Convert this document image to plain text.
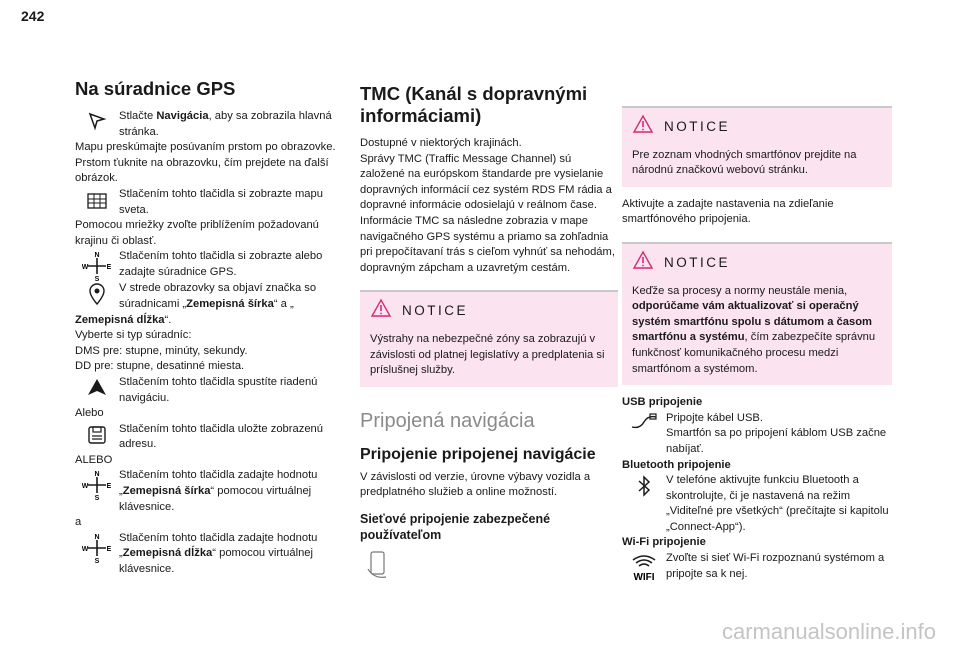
242
Na súradnice GPS
Stlačte Navigácia, aby sa zobrazila hlavná stránka.

Mapu preskúmajte posúvaním prstom po obrazovke.

Prstom ťuknite na obrazovku, čím prejdete na ďalší obrázok.

Stlačením tohto tlačidla si zobrazte mapu sveta.

Pomocou mriežky zvoľte priblížením požadovanú krajinu či oblasť.

N
S
W	E
Stlačením tohto tlačidla si zobrazte alebo zadajte súradnice GPS.
V strede obrazovky sa objaví značka so súradnicami „Zemepisná šírka“ a „

Zemepisná dĺžka“.

Vyberte si typ súradníc:

DMS pre: stupne, minúty, sekundy.

DD pre: stupne, desatinné miesta.

Stlačením tohto tlačidla spustíte riadenú navigáciu.

Alebo

Stlačením tohto tlačidla uložte zobrazenú adresu.

ALEBO

N
S
W	E
Stlačením tohto tlačidla zadajte hodnotu „Zemepisná šírka“ pomocou virtuálnej klávesnice.

a

N
S
W	E
Stlačením tohto tlačidla zadajte hodnotu „Zemepisná dĺžka“ pomocou virtuálnej klávesnice.
TMC (Kanál s dopravnými informáciami)

Dostupné v niektorých krajinách.

Správy TMC (Traffic Message Channel) sú založené na európskom štandarde pre vysielanie dopravných informácií cez systém RDS FM rádia a dopravné informácie odosielajú v reálnom čase.

Informácie TMC sa následne zobrazia v mape navigačného GPS systému a priamo sa zohľadnia pri prepočítavaní trás s cieľom vyhnúť sa nehodám, dopravným zápcham a uzavretým cestám.

NOTICE

Výstrahy na nebezpečné zóny sa zobrazujú v závislosti od platnej legislatívy a predplatenia si príslušnej služby.

Pripojená navigácia
Pripojenie pripojenej navigácie

V závislosti od verzie, úrovne výbavy vozidla a predplatného služieb a online možností.

Sieťové pripojenie zabezpečené používateľom
NOTICE

Pre zoznam vhodných smartfónov prejdite na národnú značkovú webovú stránku.

Aktivujte a zadajte nastavenia na zdieľanie smartfónového pripojenia.

NOTICE

Keďže sa procesy a normy neustále menia, odporúčame vám aktualizovať si operačný systém smartfónu spolu s dátumom a časom smartfónu a systému, čím zabezpečíte správnu funkčnosť komunikačného procesu medzi smartfónom a systémom.

USB pripojenie

Pripojte kábel USB.
Smartfón sa po pripojení káblom USB začne nabíjať.

Bluetooth pripojenie

V telefóne aktivujte funkciu Bluetooth a skontrolujte, či je nastavená na režim „Viditeľné pre všetkých“ (prečítajte si kapitolu „Connect-App“).

Wi-Fi pripojenie

WIFI
Zvoľte si sieť Wi-Fi rozpoznanú systémom a pripojte sa k nej.
carmanualsonline.info
